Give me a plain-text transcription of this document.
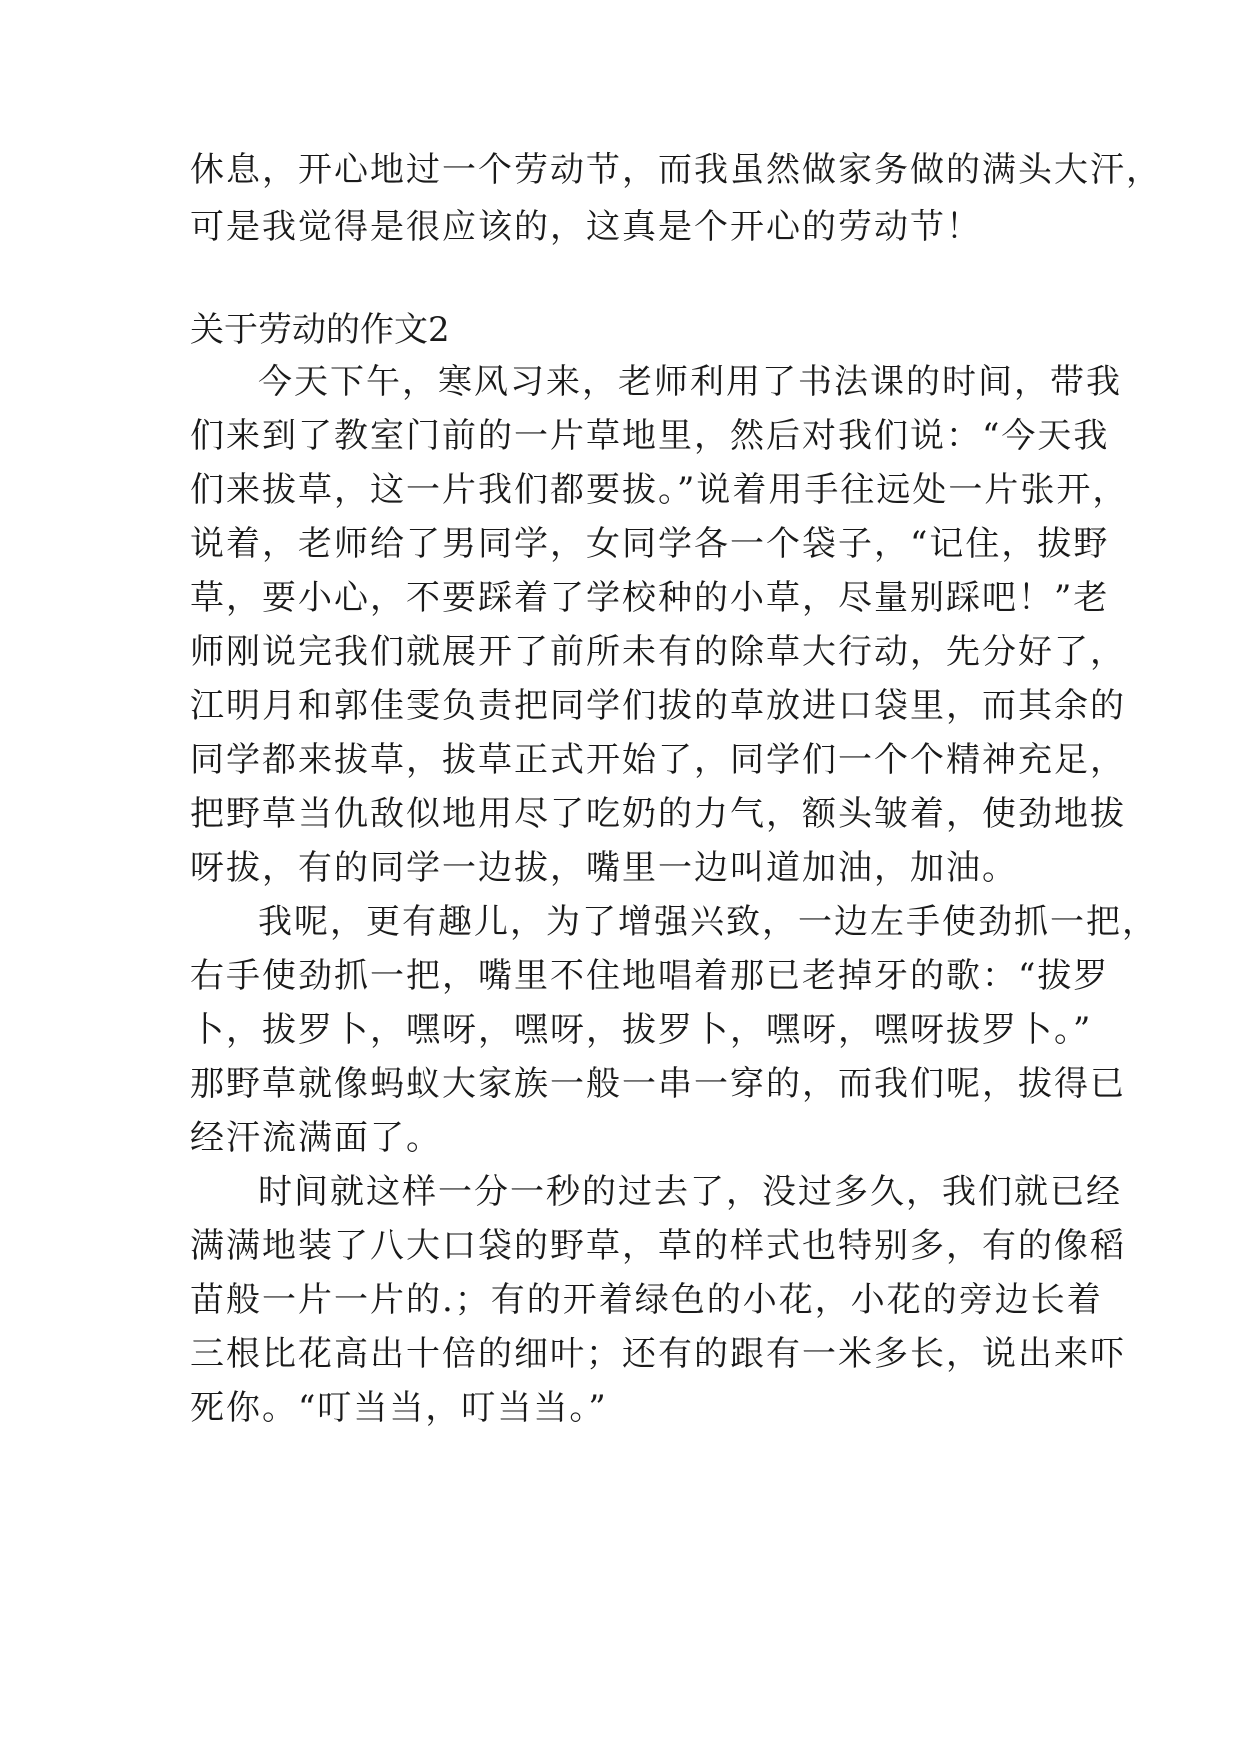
休息，开心地过一个劳动节，而我虽然做家务做的满头大汗，
可是我觉得是很应该的，这真是个开心的劳动节！
关于劳动的作文2
今天下午，寒风习来，老师利用了书法课的时间，带我
们来到了教室门前的一片草地里，然后对我们说：“今天我
们来拔草，这一片我们都要拔。”说着用手往远处一片张开，
说着，老师给了男同学，女同学各一个袋子，“记住，拔野
草，要小心，不要踩着了学校种的小草，尽量别踩吧！”老
师刚说完我们就展开了前所未有的除草大行动，先分好了，
江明月和郭佳雯负责把同学们拔的草放进口袋里，而其余的
同学都来拔草，拔草正式开始了，同学们一个个精神充足，
把野草当仇敌似地用尽了吃奶的力气，额头皱着，使劲地拔
呀拔，有的同学一边拔，嘴里一边叫道加油，加油。
我呢，更有趣儿，为了增强兴致，一边左手使劲抓一把，
右手使劲抓一把，嘴里不住地唱着那已老掉牙的歌：“拔罗
卜，拔罗卜，嘿呀，嘿呀，拔罗卜，嘿呀，嘿呀拔罗卜。”
那野草就像蚂蚁大家族一般一串一穿的，而我们呢，拔得已
经汗流满面了。
时间就这样一分一秒的过去了，没过多久，我们就已经
满满地装了八大口袋的野草，草的样式也特别多，有的像稻
苗般一片一片的.；有的开着绿色的小花，小花的旁边长着
三根比花高出十倍的细叶；还有的跟有一米多长，说出来吓
死你。“叮当当，叮当当。”
